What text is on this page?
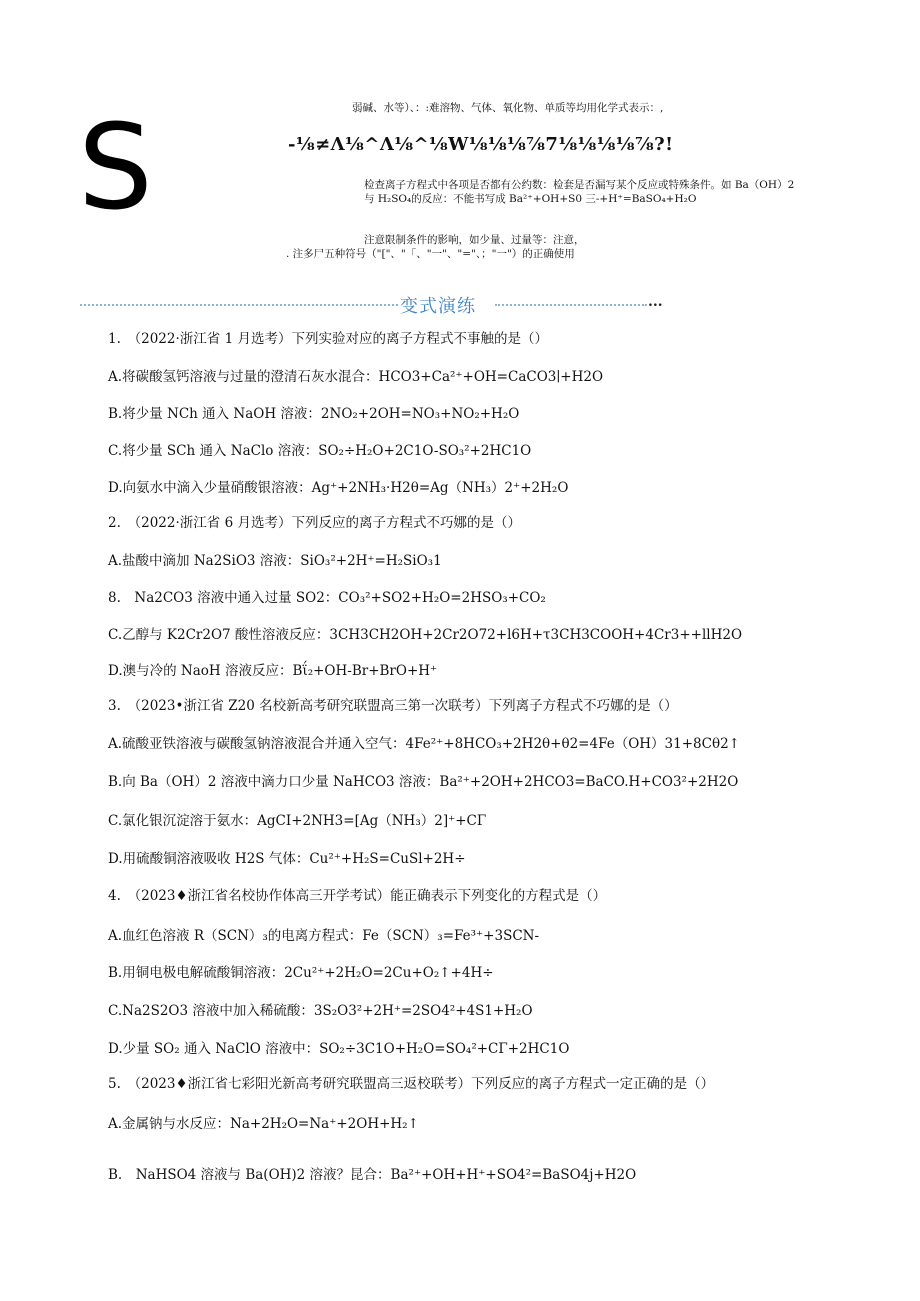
弱碱、水等）、：:难溶物、气体、氧化物、单质等均用化学式表示：,
S	-⅛≠Λ⅛^Λ⅛^⅛W⅛⅛⅛⅞7⅛⅛⅛⅛⅞?!
检查离子方程式中各项是否都有公约数：检套是否漏写某个反应或特殊条件。如 Ba（OH）2
与 H₂SO₄的反应：不能书写成 Ba²⁺+OH+S0 三-+H⁺=BaSO₄+H₂O
注意限制条件的影响，如少量、过量等：注意，
. 注多尸五种符号（"["、"「、"一"、"="、；"一"）的正确使用
变式演练	...
1.　（2022·浙江省 1 月选考）下列实验对应的离子方程式不事触的是（）
A.将碳酸氢钙溶液与过量的澄清石灰水混合：HCO3+Ca²⁺+OH=CaCO3∣+H2O
B.将少量 NCh 通入 NaOH 溶液：2NO₂+2OH=NO₃+NO₂+H₂O
C.将少量 SCh 通入 NaClo 溶液：SO₂÷H₂O+2C1O-SO₃²+2HC1O
D.向氨水中滴入少量硝酸银溶液：Ag⁺+2NH₃·H2θ=Ag（NH₃）2⁺+2H₂O
2.　（2022·浙江省 6 月选考）下列反应的离子方程式不巧娜的是（）
A.盐酸中滴加 Na2SiO3 溶液：SiO₃²+2H⁺=H₂SiO₃1
8.　Na2CO3 溶液中通入过量 SO2：CO₃²+SO2+H₂O=2HSO₃+CO₂
C.乙醇与 K2Cr2O7 酸性溶液反应：3CH3CH2OH+2Cr2O72+l6H+τ3CH3COOH+4Cr3++llH2O
D.澳与冷的 NaoH 溶液反应：Bΐ₂+OH-Br+BrO+H⁺
3.　（2023•浙江省 Z20 名校新高考研究联盟高三第一次联考）下列离子方程式不巧娜的是（）
A.硫酸亚铁溶液与碳酸氢钠溶液混合并通入空气：4Fe²⁺+8HCO₃+2H2θ+θ2=4Fe（OH）31+8Cθ2↑
B.向 Ba（OH）2 溶液中滴力口少量 NaHCO3 溶液：Ba²⁺+2OH+2HCO3=BaCO.H+CO3²+2H2O
C.氯化银沉淀溶于氨水：AgCI+2NH3=[Ag（NH₃）2]⁺+CΓ
D.用硫酸铜溶液吸收 H2S 气体：Cu²⁺+H₂S=CuSl+2H÷
4.　（2023♦浙江省名校协作体高三开学考试）能正确表示下列变化的方程式是（）
A.血红色溶液 R（SCN）₃的电离方程式：Fe（SCN）₃=Fe³⁺+3SCN-
B.用铜电极电解硫酸铜溶液：2Cu²⁺+2H₂O=2Cu+O₂↑+4H÷
C.Na2S2O3 溶液中加入稀硫酸：3S₂O3²+2H⁺=2SO4²+4S1+H₂O
D.少量 SO₂ 通入 NaClO 溶液中：SO₂÷3C1O+H₂O=SO₄²+CΓ+2HC1O
5.　（2023♦浙江省七彩阳光新高考研究联盟高三返校联考）下列反应的离子方程式一定正确的是（）
A.金属钠与水反应：Na+2H₂O=Na⁺+2OH+H₂↑
B.　NaHSO4 溶液与 Ba(OH)2 溶液？昆合：Ba²⁺+OH+H⁺+SO4²=BaSO4j+H2O
